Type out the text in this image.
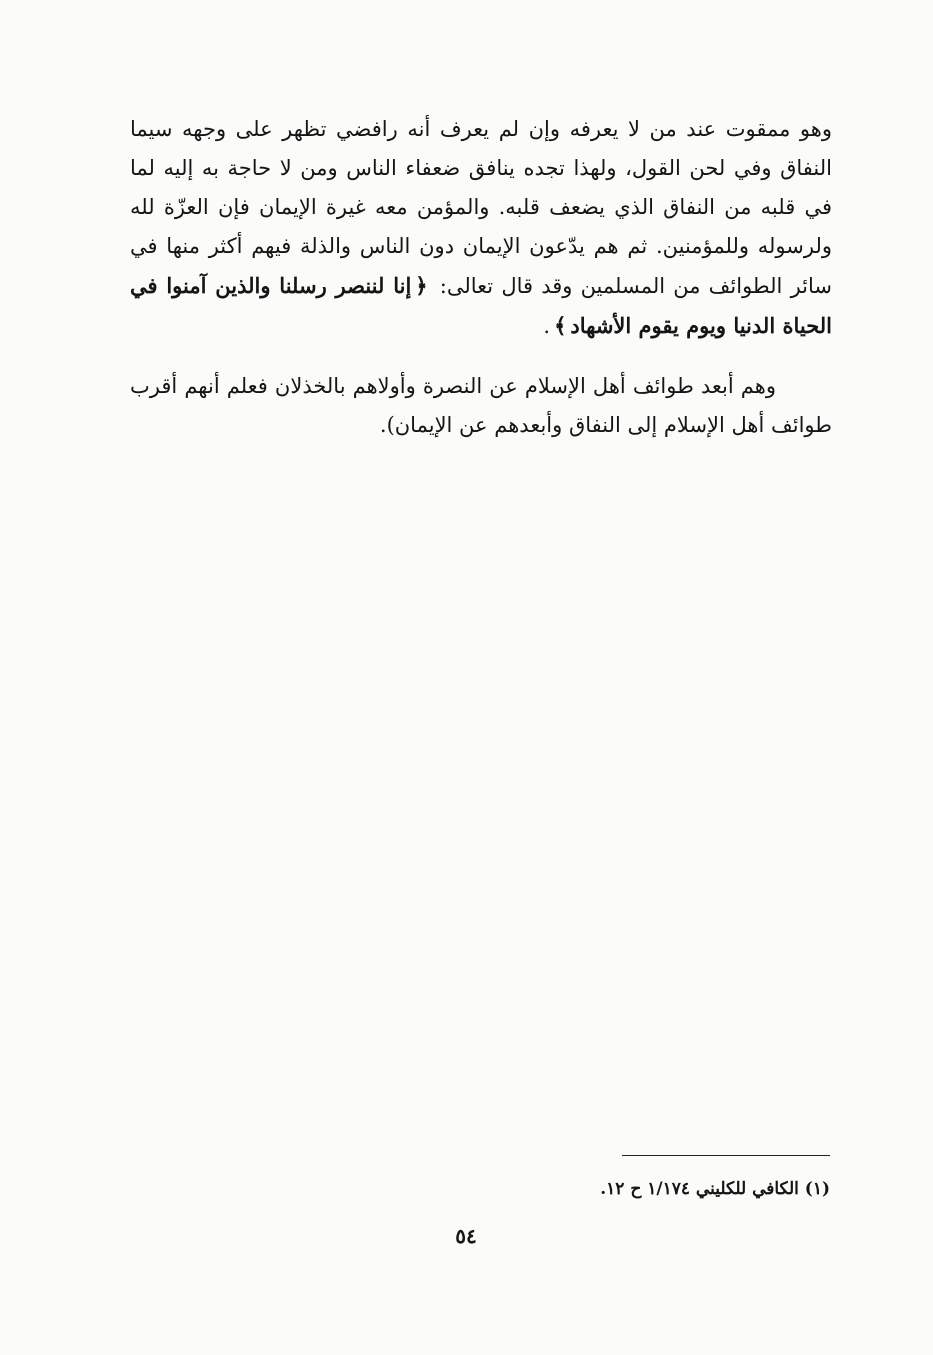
وهو ممقوت عند من لا يعرفه وإن لم يعرف أنه رافضي تظهر على وجهه سيما النفاق وفي لحن القول، ولهذا تجده ينافق ضعفاء الناس ومن لا حاجة به إليه لما في قلبه من النفاق الذي يضعف قلبه. والمؤمن معه غيرة الإيمان فإن العزّة لله ولرسوله وللمؤمنين. ثم هم يدّعون الإيمان دون الناس والذلة فيهم أكثر منها في سائر الطوائف من المسلمين وقد قال تعالى: ﴿إنا لننصر رسلنا والذين آمنوا في الحياة الدنيا ويوم يقوم الأشهاد﴾.

وهم أبعد طوائف أهل الإسلام عن النصرة وأولاهم بالخذلان فعلم أنهم أقرب طوائف أهل الإسلام إلى النفاق وأبعدهم عن الإيمان).

(١) الكافي للكليني ١/١٧٤ ح ١٢.
٥٤
